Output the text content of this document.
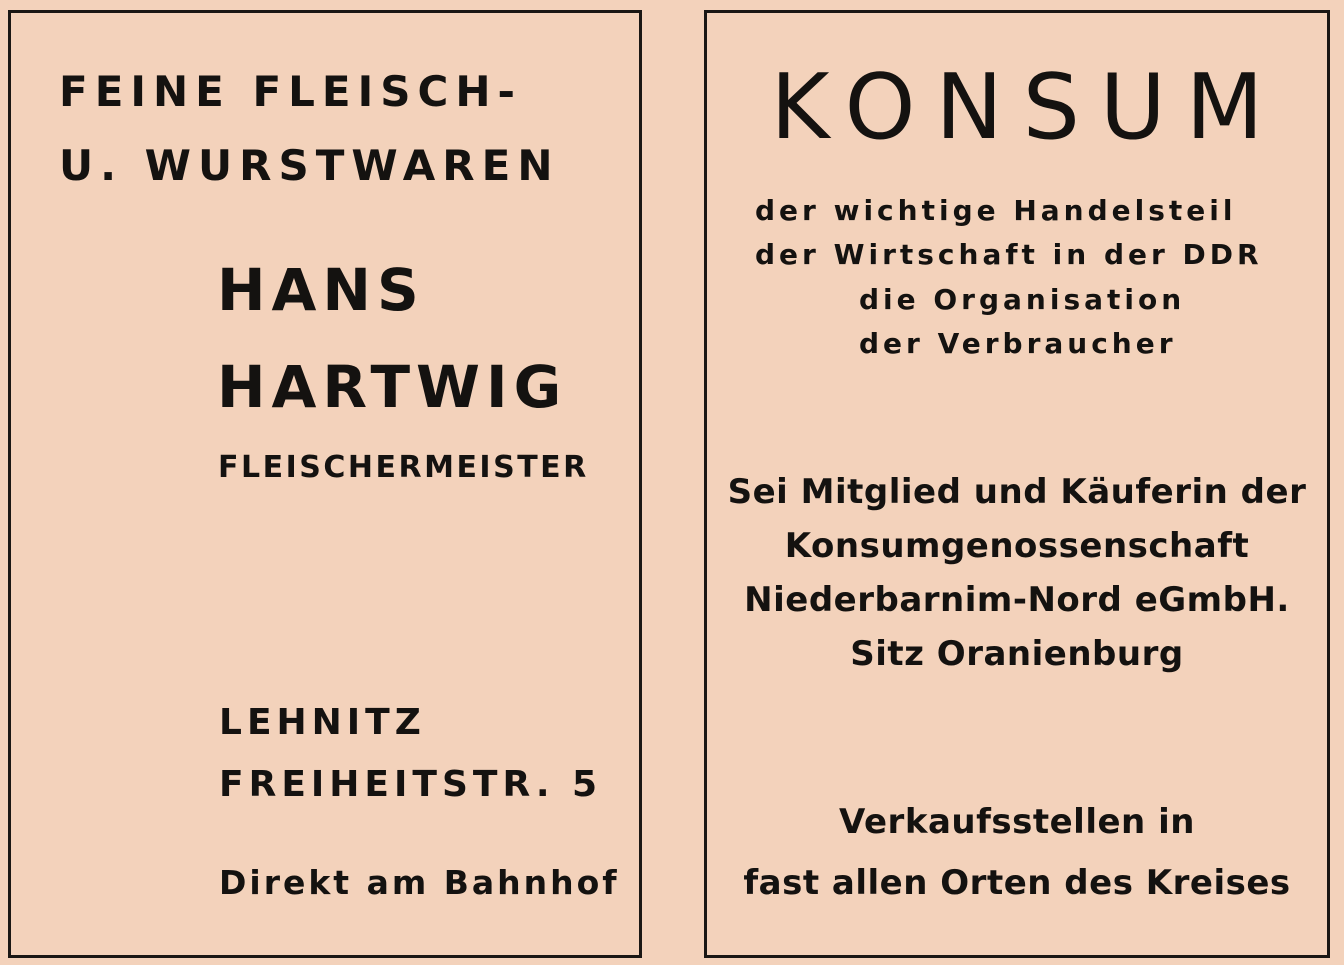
FEINE FLEISCH-

U. WURSTWAREN

HANS

HARTWIG

FLEISCHERMEISTER

LEHNITZ

FREIHEITSTR. 5

Direkt am Bahnhof

KONSUM

der wichtige Handelsteil

der Wirtschaft in der DDR

die Organisation

der Verbraucher

Sei Mitglied und Käuferin der

Konsumgenossenschaft

Niederbarnim-Nord eGmbH.

Sitz Oranienburg

Verkaufsstellen in

fast allen Orten des Kreises
